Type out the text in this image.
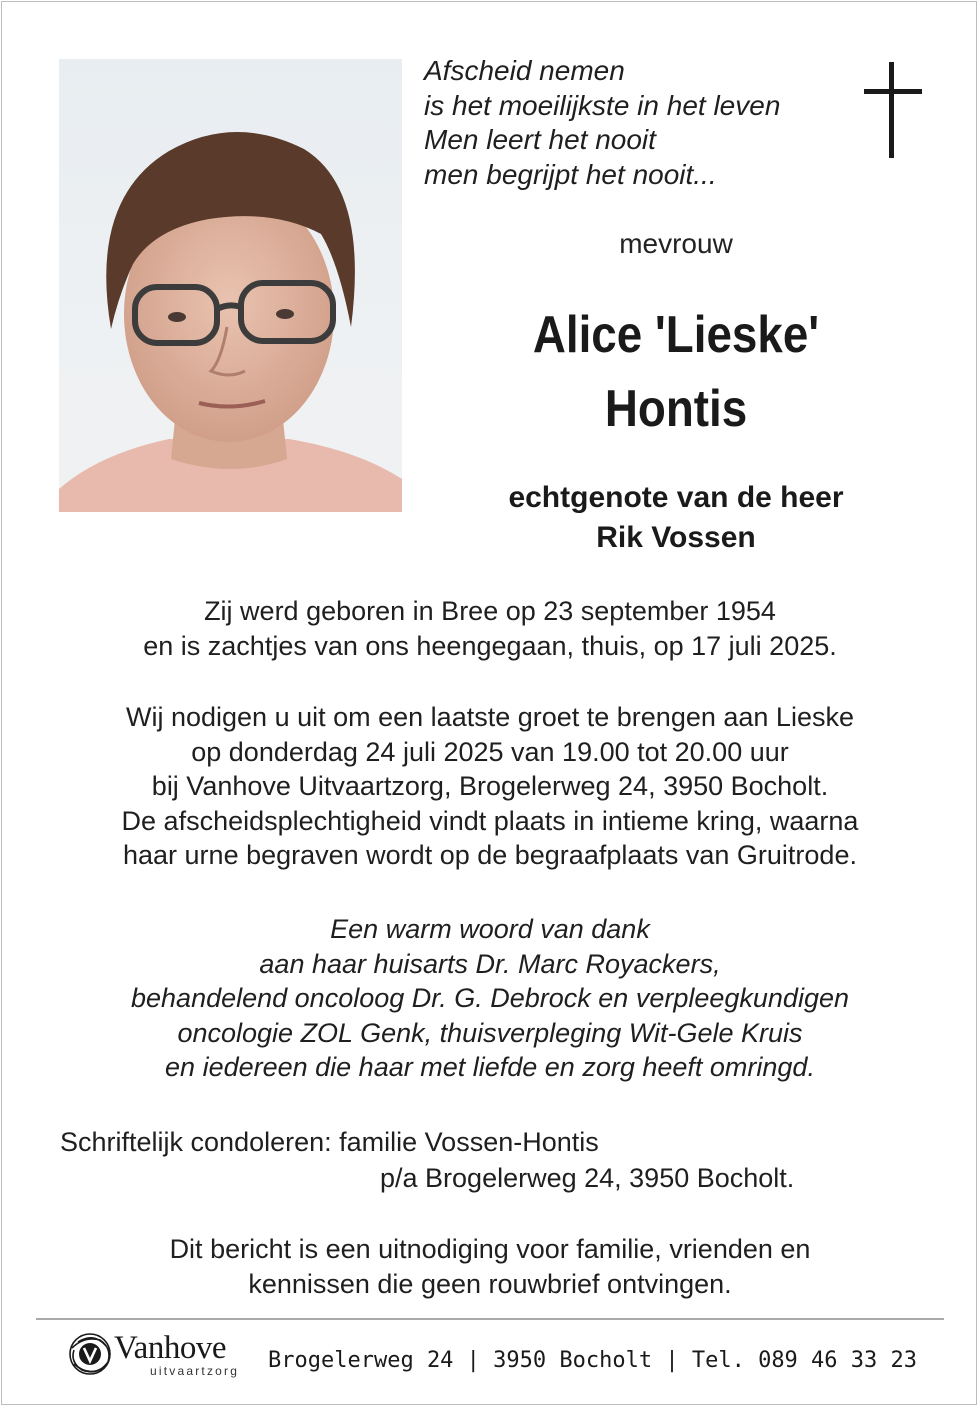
Afscheid nemen
is het moeilijkste in het leven
Men leert het nooit
men begrijpt het nooit...
mevrouw
Alice 'Lieske'
Hontis
echtgenote van de heer
Rik Vossen
Zij werd geboren in Bree op 23 september 1954
en is zachtjes van ons heengegaan, thuis, op 17 juli 2025.
Wij nodigen u uit om een laatste groet te brengen aan Lieske
op donderdag 24 juli 2025 van 19.00 tot 20.00 uur
bij Vanhove Uitvaartzorg, Brogelerweg 24, 3950 Bocholt.
De afscheidsplechtigheid vindt plaats in intieme kring, waarna
haar urne begraven wordt op de begraafplaats van Gruitrode.
Een warm woord van dank
aan haar huisarts Dr. Marc Royackers,
behandelend oncoloog Dr. G. Debrock en verpleegkundigen
oncologie ZOL Genk, thuisverpleging Wit-Gele Kruis
en iedereen die haar met liefde en zorg heeft omringd.
Schriftelijk condoleren: familie Vossen-Hontis
p/a Brogelerweg 24, 3950 Bocholt.
Dit bericht is een uitnodiging voor familie, vrienden en
kennissen die geen rouwbrief ontvingen.
Vanhove
uitvaartzorg Brogelerweg 24 | 3950 Bocholt | Tel. 089 46 33 23
